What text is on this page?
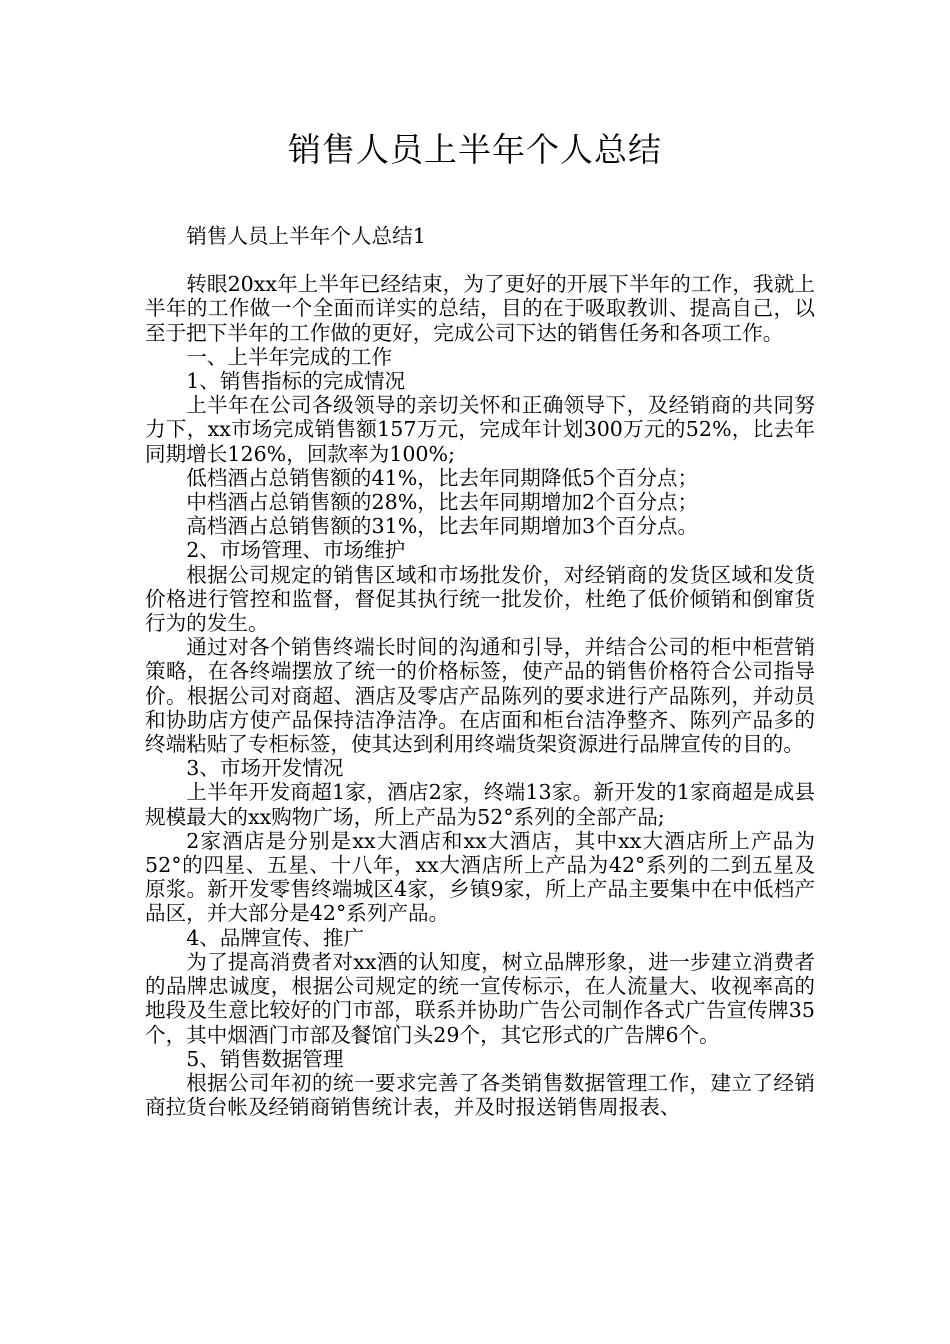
销售人员上半年个人总结

销售人员上半年个人总结1

转眼20xx年上半年已经结束，为了更好的开展下半年的工作，我就上半年的工作做一个全面而详实的总结，目的在于吸取教训、提高自己，以至于把下半年的工作做的更好，完成公司下达的销售任务和各项工作。

一、上半年完成的工作

1、销售指标的完成情况

上半年在公司各级领导的亲切关怀和正确领导下，及经销商的共同努力下，xx市场完成销售额157万元，完成年计划300万元的52%，比去年同期增长126%，回款率为100%;

低档酒占总销售额的41%，比去年同期降低5个百分点；

中档酒占总销售额的28%，比去年同期增加2个百分点；

高档酒占总销售额的31%，比去年同期增加3个百分点。

2、市场管理、市场维护

根据公司规定的销售区域和市场批发价，对经销商的发货区域和发货价格进行管控和监督，督促其执行统一批发价，杜绝了低价倾销和倒窜货行为的发生。

通过对各个销售终端长时间的沟通和引导，并结合公司的柜中柜营销策略，在各终端摆放了统一的价格标签，使产品的销售价格符合公司指导价。根据公司对商超、酒店及零店产品陈列的要求进行产品陈列，并动员和协助店方使产品保持洁净洁净。在店面和柜台洁净整齐、陈列产品多的终端粘贴了专柜标签，使其达到利用终端货架资源进行品牌宣传的目的。

3、市场开发情况

上半年开发商超1家，酒店2家，终端13家。新开发的1家商超是成县规模最大的xx购物广场，所上产品为52°系列的全部产品;

2家酒店是分别是xx大酒店和xx大酒店，其中xx大酒店所上产品为52°的四星、五星、十八年，xx大酒店所上产品为42°系列的二到五星及原浆。新开发零售终端城区4家，乡镇9家，所上产品主要集中在中低档产品区，并大部分是42°系列产品。

4、品牌宣传、推广

为了提高消费者对xx酒的认知度，树立品牌形象，进一步建立消费者的品牌忠诚度，根据公司规定的统一宣传标示，在人流量大、收视率高的地段及生意比较好的门市部，联系并协助广告公司制作各式广告宣传牌35个，其中烟酒门市部及餐馆门头29个，其它形式的广告牌6个。

5、销售数据管理

根据公司年初的统一要求完善了各类销售数据管理工作，建立了经销商拉货台帐及经销商销售统计表，并及时报送销售周报表、
